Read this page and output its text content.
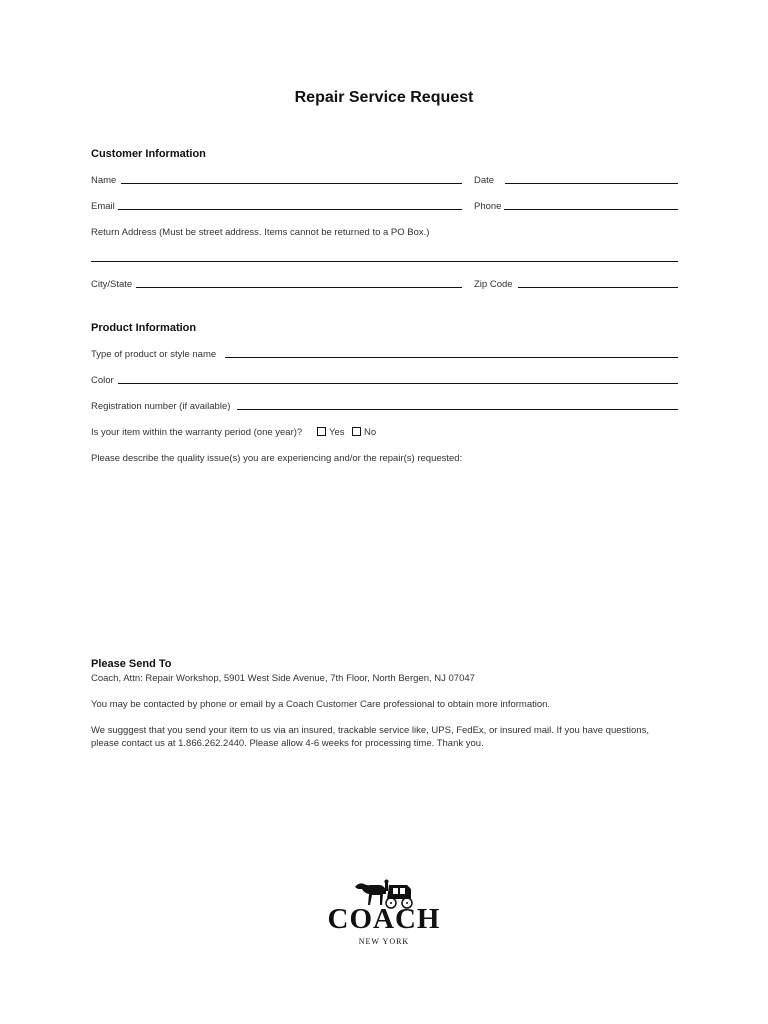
Repair Service Request
Customer Information
Name	Date
Email	Phone
Return Address (Must be street address. Items cannot be returned to a PO Box.)
City/State	Zip Code
Product Information
Type of product or style name
Color
Registration number (if available)
Is your item within the warranty period (one year)?	Yes	No
Please describe the quality issue(s) you are experiencing and/or the repair(s) requested:
Please Send To
Coach, Attn: Repair Workshop, 5901 West Side Avenue, 7th Floor, North Bergen, NJ 07047
You may be contacted by phone or email by a Coach Customer Care professional to obtain more information.
We sugggest that you send your item to us via an insured, trackable service like, UPS, FedEx, or insured mail. If you have questions,
please contact us at 1.866.262.2440. Please allow 4-6 weeks for processing time. Thank you.
COACH
NEW YORK
